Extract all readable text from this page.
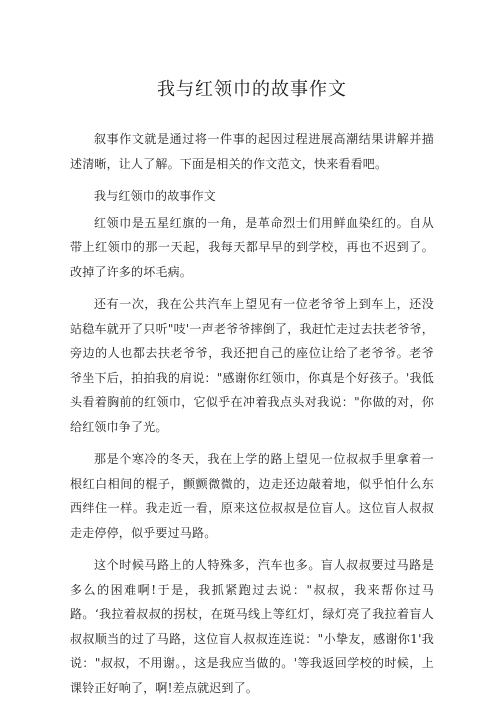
我与红领巾的故事作文

叙事作文就是通过将一件事的起因过程进展高潮结果讲解并描述清晰，让人了解。下面是相关的作文范文，快来看看吧。

我与红领巾的故事作文

红领巾是五星红旗的一角，是革命烈士们用鲜血染红的。自从带上红领巾的那一天起，我每天都早早的到学校，再也不迟到了。改掉了许多的坏毛病。

还有一次，我在公共汽车上望见有一位老爷爷上到车上，还没站稳车就开了只听"吱'一声老爷爷摔倒了，我赶忙走过去扶老爷爷，旁边的人也都去扶老爷爷，我还把自己的座位让给了老爷爷。老爷爷坐下后，拍拍我的肩说："感谢你红领巾，你真是个好孩子。'我低头看着胸前的红领巾，它似乎在冲着我点头对我说："你做的对，你给红领巾争了光。

那是个寒冷的冬天，我在上学的路上望见一位叔叔手里拿着一根红白相间的棍子，颤颤微微的，边走还边敲着地，似乎怕什么东西绊住一样。我走近一看，原来这位叔叔是位盲人。这位盲人叔叔走走停停，似乎要过马路。

这个时候马路上的人特殊多，汽车也多。盲人叔叔要过马路是多么的困难啊!于是，我抓紧跑过去说："叔叔，我来帮你过马路。‘我拉着叔叔的拐杖，在斑马线上等红灯，绿灯亮了我拉着盲人叔叔顺当的过了马路，这位盲人叔叔连连说："小挚友，感谢你1'我说："叔叔，不用谢。，这是我应当做的。'等我返回学校的时候，上课铃正好响了，啊!差点就迟到了。
